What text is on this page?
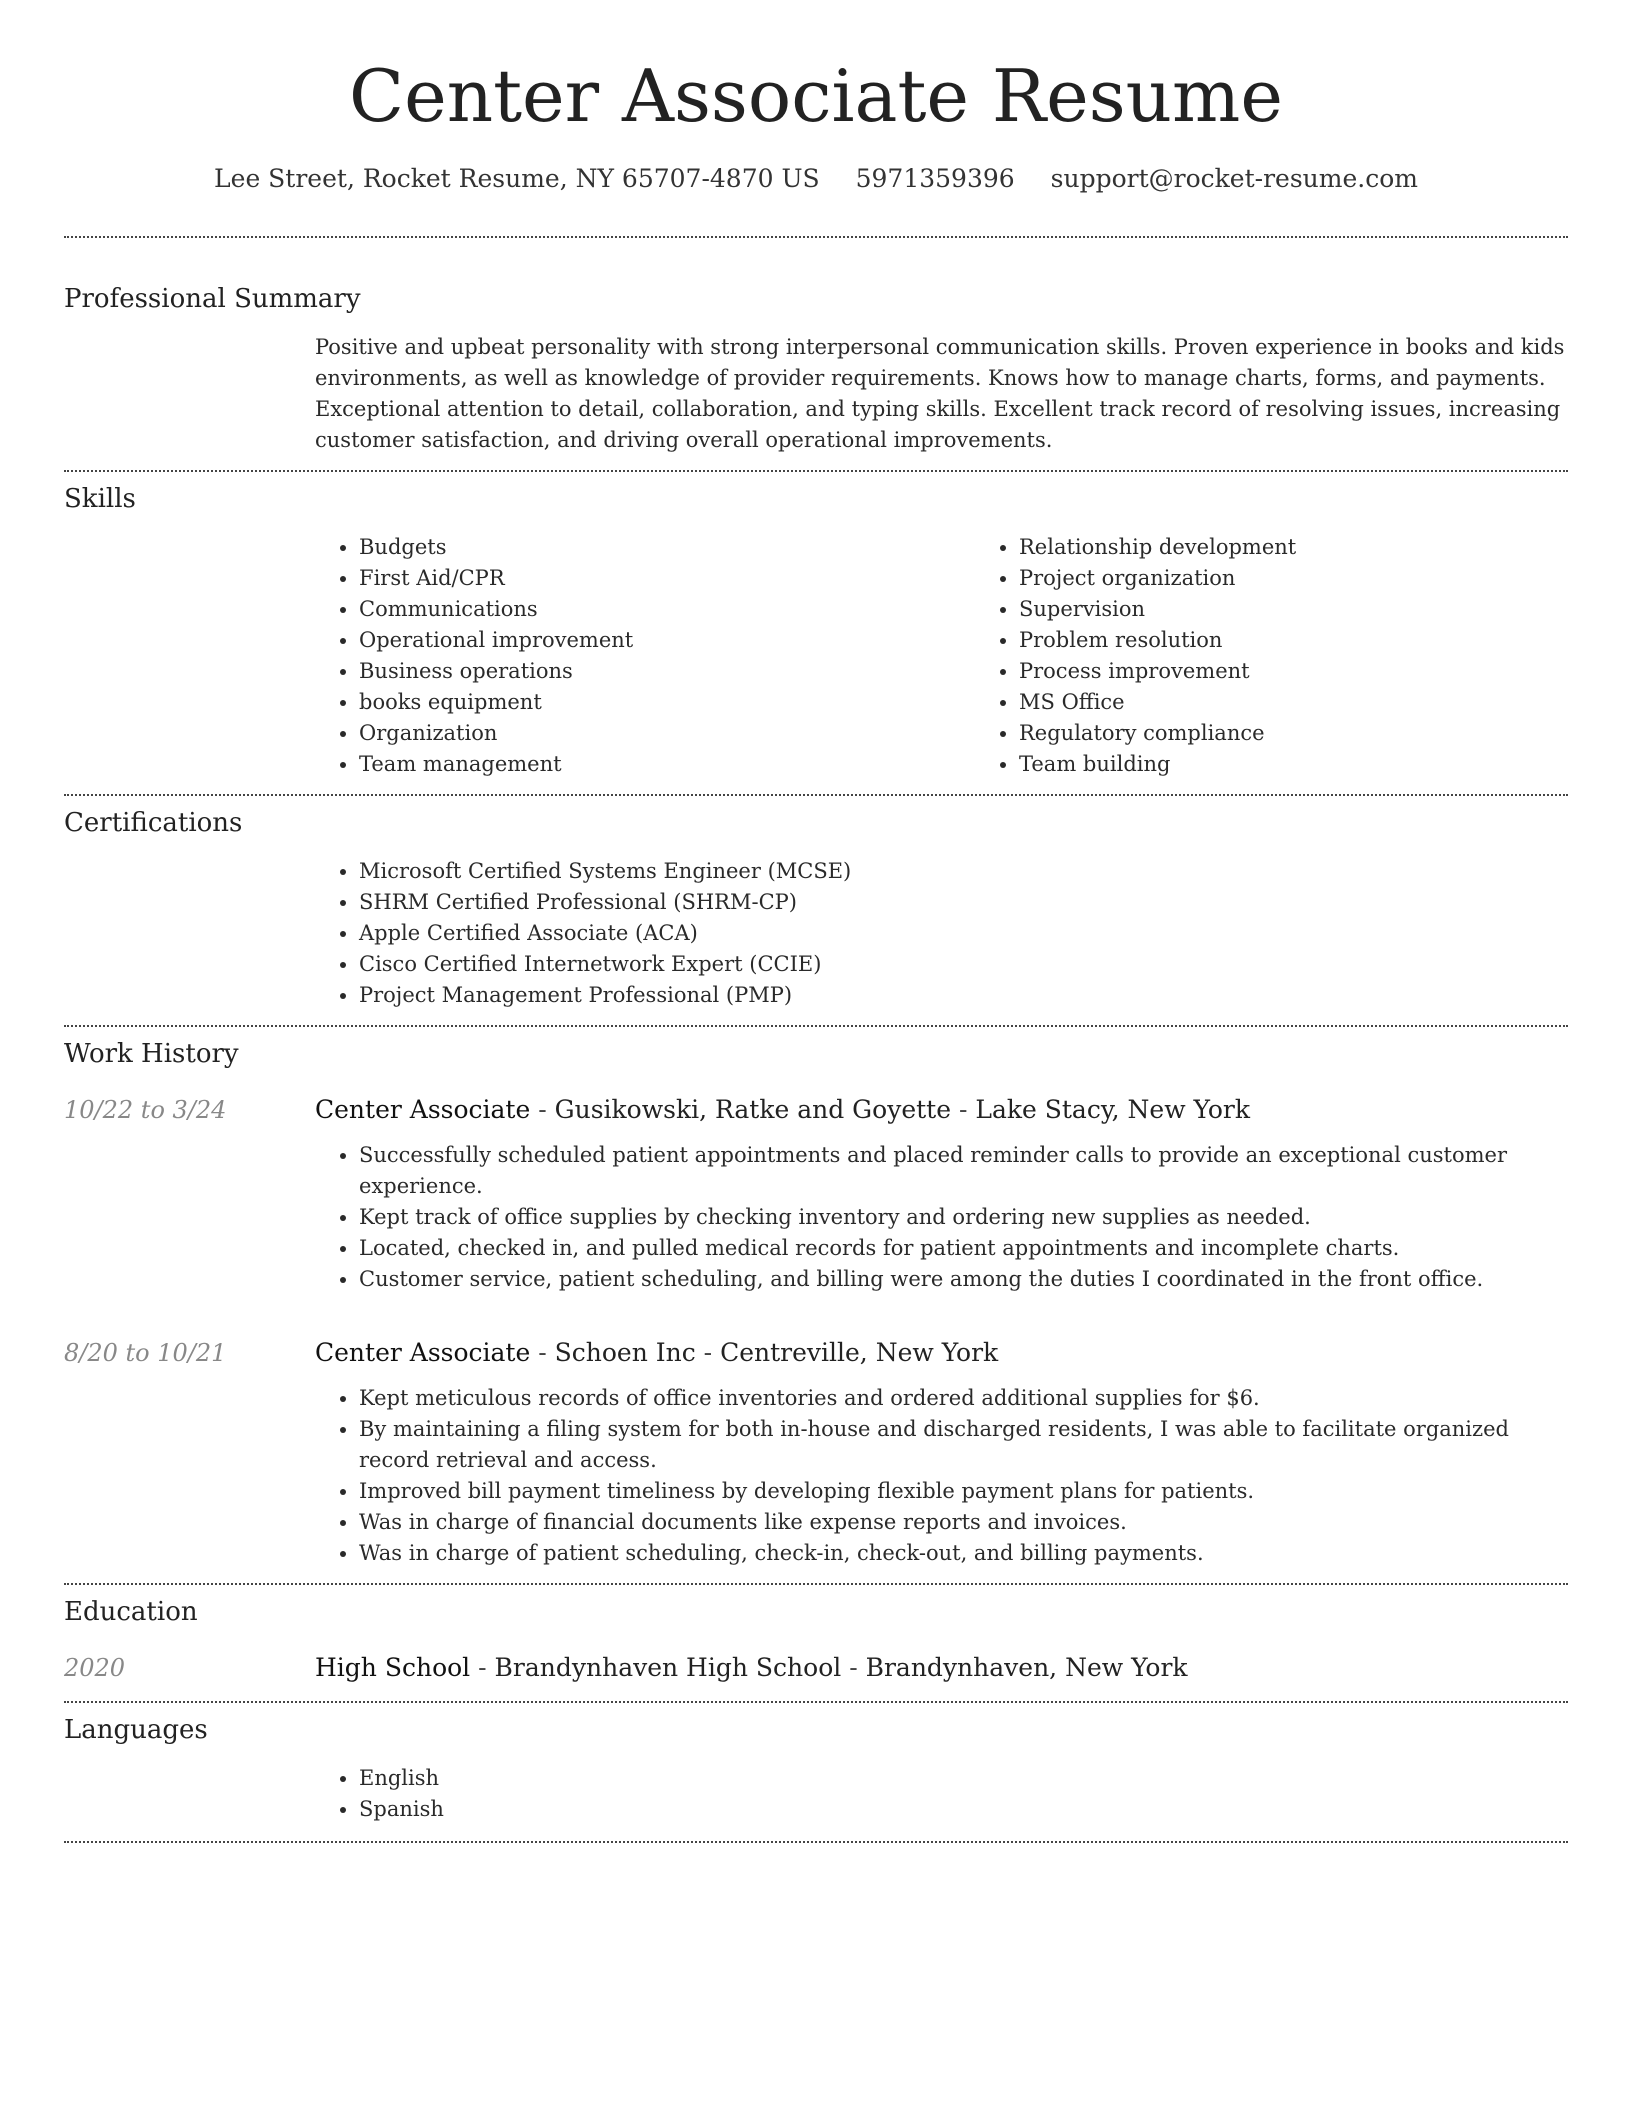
Center Associate Resume
Lee Street, Rocket Resume, NY 65707-4870 US 5971359396 support@rocket-resume.com
Professional Summary
Positive and upbeat personality with strong interpersonal communication skills. Proven experience in books and kids environments, as well as knowledge of provider requirements. Knows how to manage charts, forms, and payments. Exceptional attention to detail, collaboration, and typing skills. Excellent track record of resolving issues, increasing customer satisfaction, and driving overall operational improvements.
Skills
• Budgets
• First Aid/CPR
• Communications
• Operational improvement
• Business operations
• books equipment
• Organization
• Team management
• Relationship development
• Project organization
• Supervision
• Problem resolution
• Process improvement
• MS Office
• Regulatory compliance
• Team building
Certifications
• Microsoft Certified Systems Engineer (MCSE)
• SHRM Certified Professional (SHRM-CP)
• Apple Certified Associate (ACA)
• Cisco Certified Internetwork Expert (CCIE)
• Project Management Professional (PMP)
Work History
10/22 to 3/24	Center Associate - Gusikowski, Ratke and Goyette - Lake Stacy, New York
• Successfully scheduled patient appointments and placed reminder calls to provide an exceptional customer experience.
• Kept track of office supplies by checking inventory and ordering new supplies as needed.
• Located, checked in, and pulled medical records for patient appointments and incomplete charts.
• Customer service, patient scheduling, and billing were among the duties I coordinated in the front office.
8/20 to 10/21	Center Associate - Schoen Inc - Centreville, New York
• Kept meticulous records of office inventories and ordered additional supplies for $6.
• By maintaining a filing system for both in-house and discharged residents, I was able to facilitate organized record retrieval and access.
• Improved bill payment timeliness by developing flexible payment plans for patients.
• Was in charge of financial documents like expense reports and invoices.
• Was in charge of patient scheduling, check-in, check-out, and billing payments.
Education
2020	High School - Brandynhaven High School - Brandynhaven, New York
Languages
• English
• Spanish
